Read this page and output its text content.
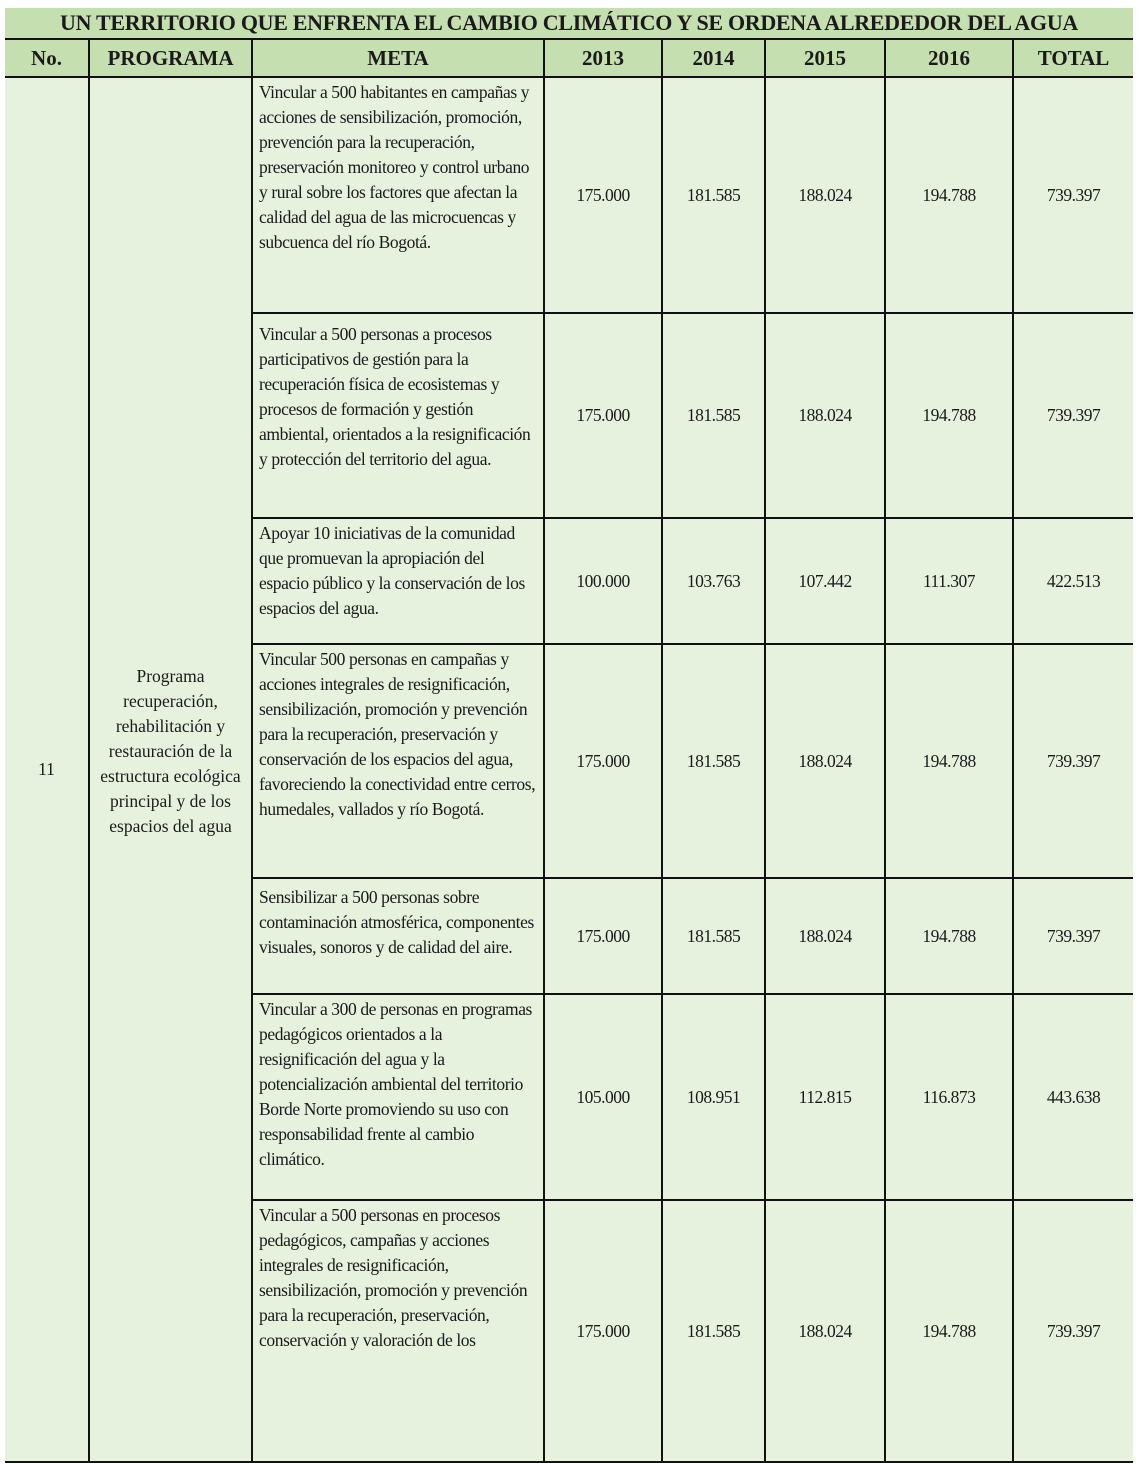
UN TERRITORIO QUE ENFRENTA EL CAMBIO CLIMÁTICO Y SE ORDENA ALREDEDOR DEL AGUA							
No.	PROGRAMA	META	2013	2014	2015	2016	TOTAL
11	Programa recuperación, rehabilitación y restauración de la estructura ecológica principal y de los espacios del agua	Vincular a 500 habitantes en campañas y acciones de sensibilización, promoción, prevención para la recuperación, preservación monitoreo y control urbano y rural sobre los factores que afectan la calidad del agua de las microcuencas y subcuenca del río Bogotá.	175.000	181.585	188.024	194.788	739.397
		Vincular a 500 personas a procesos participativos de gestión para la recuperación física de ecosistemas y procesos de formación y gestión ambiental, orientados a la resignificación y protección del territorio del agua.	175.000	181.585	188.024	194.788	739.397
		Apoyar 10 iniciativas de la comunidad que promuevan la apropiación del espacio público y la conservación de los espacios del agua.	100.000	103.763	107.442	111.307	422.513
		Vincular 500 personas en campañas y acciones integrales de resignificación, sensibilización, promoción y prevención para la recuperación, preservación y conservación de los espacios del agua, favoreciendo la conectividad entre cerros, humedales, vallados y río Bogotá.	175.000	181.585	188.024	194.788	739.397
		Sensibilizar a 500 personas sobre contaminación atmosférica, componentes visuales, sonoros y de calidad del aire.	175.000	181.585	188.024	194.788	739.397
		Vincular a 300 de personas en programas pedagógicos orientados a la resignificación del agua y la potencialización ambiental del territorio Borde Norte promoviendo su uso con responsabilidad frente al cambio climático.	105.000	108.951	112.815	116.873	443.638
		Vincular a 500 personas en procesos pedagógicos, campañas y acciones integrales de resignificación, sensibilización, promoción y prevención para la recuperación, preservación, conservación y valoración de los	175.000	181.585	188.024	194.788	739.397
